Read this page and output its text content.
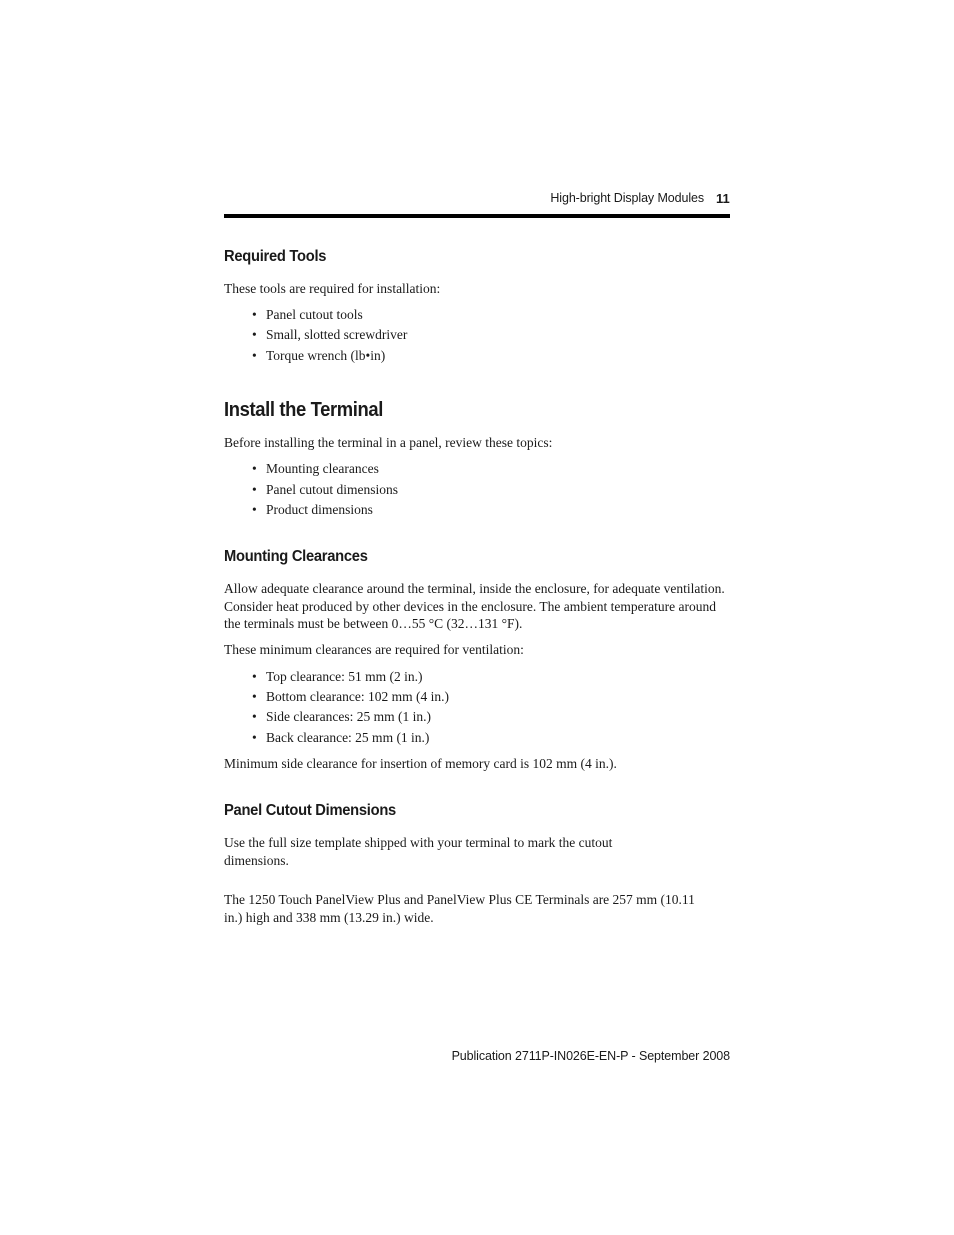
High-bright Display Modules 11
Required Tools
These tools are required for installation:
• Panel cutout tools
• Small, slotted screwdriver
• Torque wrench (lb•in)
Install the Terminal
Before installing the terminal in a panel, review these topics:
• Mounting clearances
• Panel cutout dimensions
• Product dimensions
Mounting Clearances
Allow adequate clearance around the terminal, inside the enclosure, for adequate ventilation. Consider heat produced by other devices in the enclosure. The ambient temperature around the terminals must be between 0…55 °C (32…131 °F).
These minimum clearances are required for ventilation:
• Top clearance: 51 mm (2 in.)
• Bottom clearance: 102 mm (4 in.)
• Side clearances: 25 mm (1 in.)
• Back clearance: 25 mm (1 in.)
Minimum side clearance for insertion of memory card is 102 mm (4 in.).
Panel Cutout Dimensions
Use the full size template shipped with your terminal to mark the cutout dimensions.
The 1250 Touch PanelView Plus and PanelView Plus CE Terminals are 257 mm (10.11 in.) high and 338 mm (13.29 in.) wide.
Publication 2711P-IN026E-EN-P - September 2008
